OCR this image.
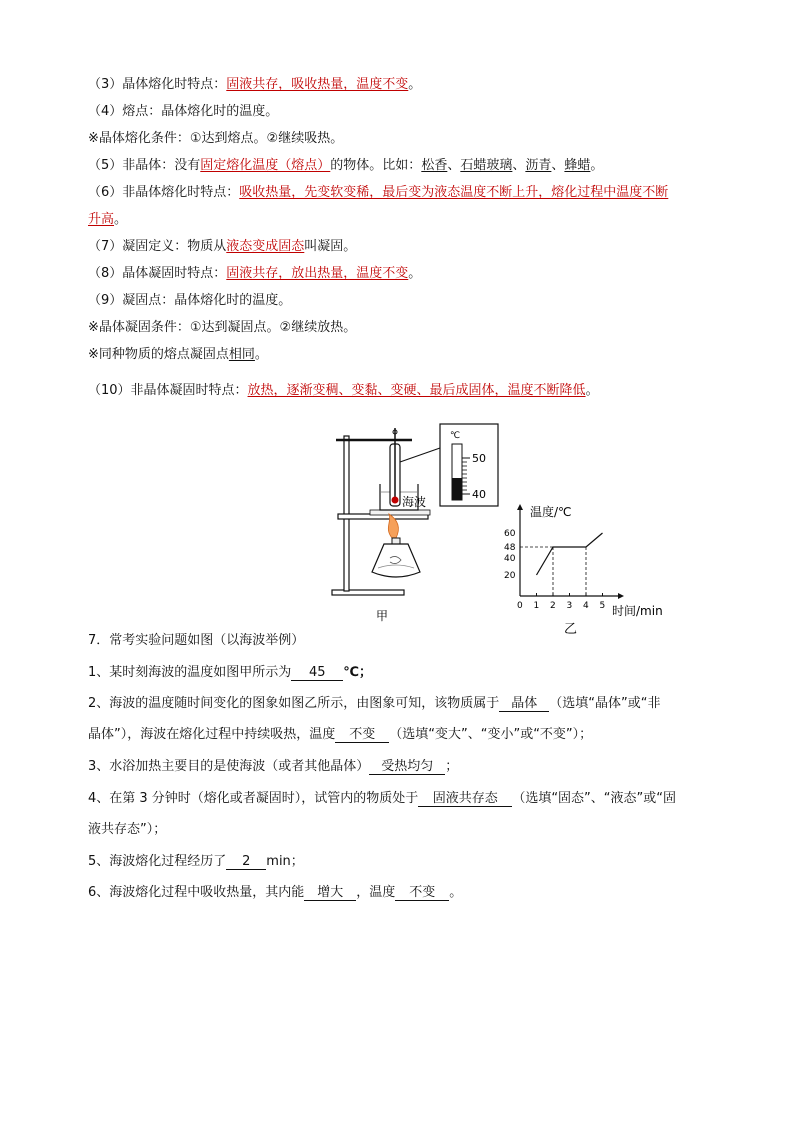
（3）晶体熔化时特点：固液共存，吸收热量，温度不变。
（4）熔点：晶体熔化时的温度。
※晶体熔化条件：①达到熔点。②继续吸热。
（5）非晶体：没有固定熔化温度（熔点）的物体。比如：松香、石蜡玻璃、沥青、蜂蜡。
（6）非晶体熔化时特点：吸收热量，先变软变稀，最后变为液态温度不断上升，熔化过程中温度不断
升高。
（7）凝固定义：物质从液态变成固态叫凝固。
（8）晶体凝固时特点：固液共存，放出热量，温度不变。
（9）凝固点：晶体熔化时的温度。
※晶体凝固条件：①达到凝固点。②继续放热。
※同种物质的熔点凝固点相同。
（10）非晶体凝固时特点：放热，逐渐变稠、变黏、变硬、最后成固体，温度不断降低。
℃
50
40
海波
甲
温度/℃
时间/min
0 1 2 3 4 5
20
40
48
60
乙
7．常考实验问题如图（以海波举例）
1、某时刻海波的温度如图甲所示为 45 ℃；
2、海波的温度随时间变化的图象如图乙所示，由图象可知，该物质属于 晶体 （选填“晶体”或“非
晶体”），海波在熔化过程中持续吸热，温度 不变 （选填“变大”、“变小”或“不变”）；
3、水浴加热主要目的是使海波（或者其他晶体） 受热均匀 ；
4、在第 3 分钟时（熔化或者凝固时），试管内的物质处于 固液共存态 （选填“固态”、“液态”或“固
液共存态”）；
5、海波熔化过程经历了 2 min；
6、海波熔化过程中吸收热量，其内能 增大 ，温度 不变 。
